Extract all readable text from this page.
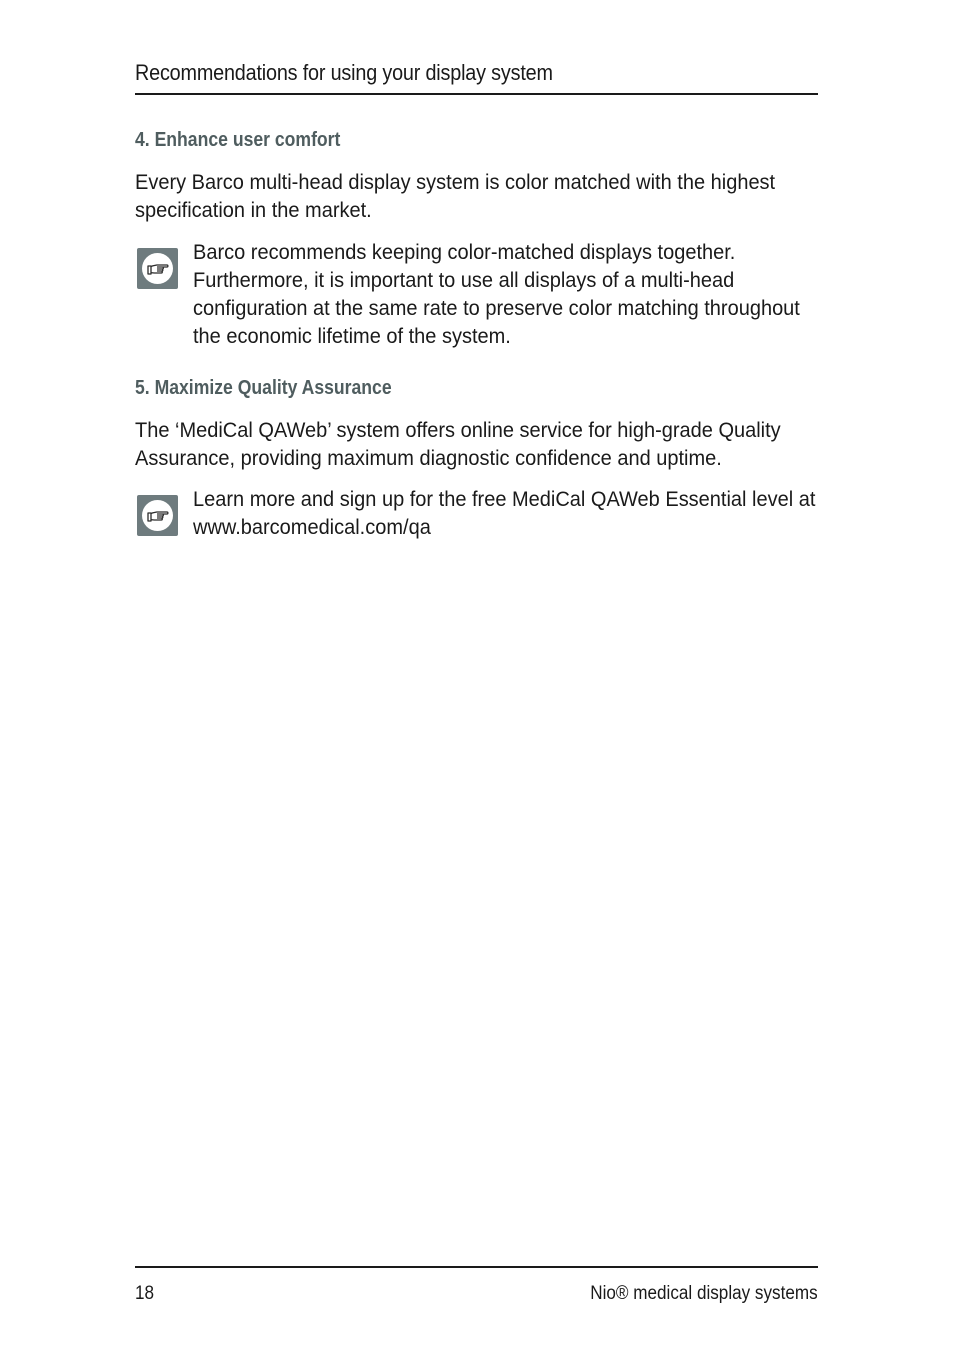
Recommendations for using your display system
4. Enhance user comfort
Every Barco multi-head display system is color matched with the highest specification in the market.
Barco recommends keeping color-matched displays together. Furthermore, it is important to use all displays of a multi-head configuration at the same rate to preserve color matching throughout the economic lifetime of the system.
5. Maximize Quality Assurance
The ‘MediCal QAWeb’ system offers online service for high-grade Quality Assurance, providing maximum diagnostic confidence and uptime.
Learn more and sign up for the free MediCal QAWeb Essential level at www.barcomedical.com/qa
18	Nio® medical display systems
